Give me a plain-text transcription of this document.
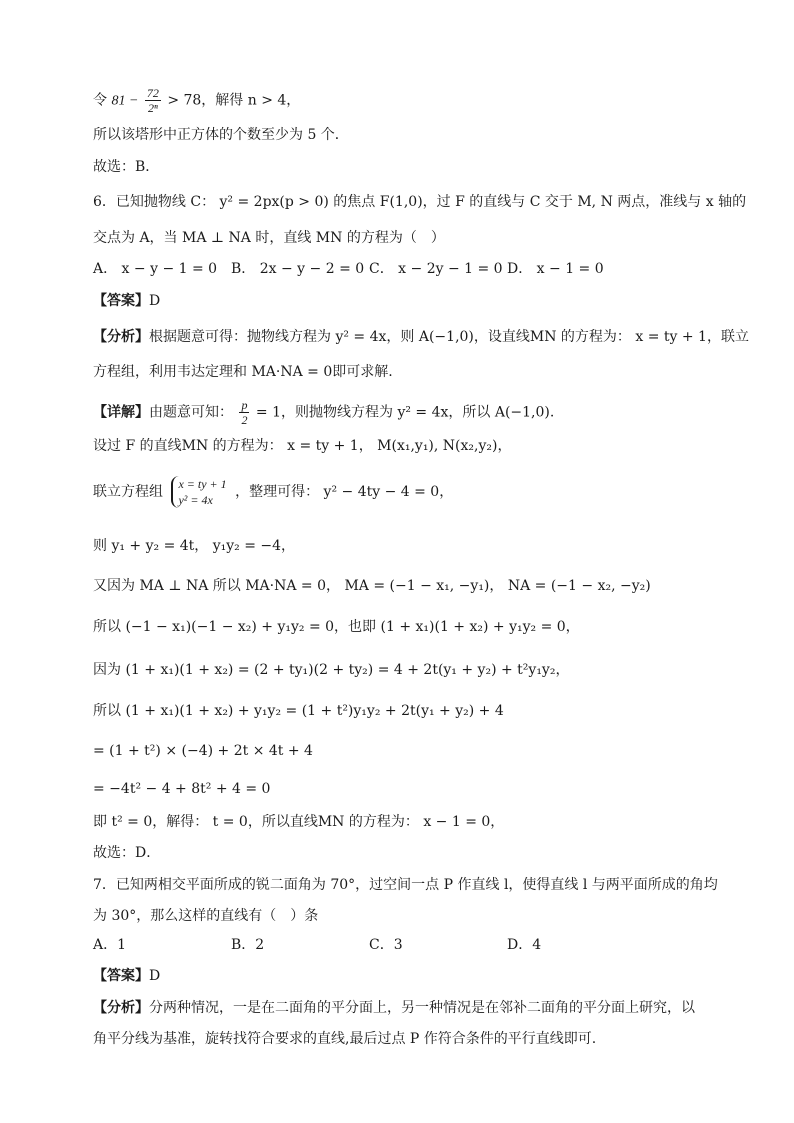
令 $81 - \frac{72}{\text{2ⁿ}} > 78$，解得 n > 4，
所以该塔形中正方体的个数至少为 5 个．
故选：B．
6．已知抛物线 C： y² = 2px(p > 0) 的焦点 F(1,0)，过 F 的直线与 C 交于 M, N 两点，准线与 x 轴的
交点为 A，当 MA ⊥ NA 时，直线 MN 的方程为（　）
A． x − y − 1 = 0 B． 2x − y − 2 = 0 C． x − 2y − 1 = 0 D． x − 1 = 0
【答案】D
【分析】根据题意可得：抛物线方程为 y² = 4x，则 A(−1,0)，设直线MN 的方程为： x = ty + 1，联立
方程组，利用韦达定理和 MA·NA = 0即可求解.
【详解】由题意可知： $\frac{p}{2} = 1$，则抛物线方程为 y² = 4x，所以 A(−1,0).
设过 F 的直线MN 的方程为： x = ty + 1， M(x₁,y₁), N(x₂,y₂)，
联立方程组 x = ty + 1
y² = 4x	，整理可得： y² − 4ty − 4 = 0，
则 y₁ + y₂ = 4t， y₁y₂ = −4，
又因为 MA ⊥ NA 所以 MA·NA = 0， MA = (−1 − x₁, −y₁)， NA = (−1 − x₂, −y₂)
所以 (−1 − x₁)(−1 − x₂) + y₁y₂ = 0，也即 (1 + x₁)(1 + x₂) + y₁y₂ = 0，
因为 (1 + x₁)(1 + x₂) = (2 + ty₁)(2 + ty₂) = 4 + 2t(y₁ + y₂) + t²y₁y₂，
所以 (1 + x₁)(1 + x₂) + y₁y₂ = (1 + t²)y₁y₂ + 2t(y₁ + y₂) + 4
= (1 + t²) × (−4) + 2t × 4t + 4
= −4t² − 4 + 8t² + 4 = 0
即 t² = 0，解得： t = 0，所以直线MN 的方程为： x − 1 = 0，
故选：D．
7．已知两相交平面所成的锐二面角为 70°，过空间一点 P 作直线 l，使得直线 l 与两平面所成的角均
为 30°，那么这样的直线有（　）条
A．1	B．2	C．3	D．4
【答案】D
【分析】分两种情况，一是在二面角的平分面上，另一种情况是在邻补二面角的平分面上研究，以
角平分线为基准，旋转找符合要求的直线,最后过点 P 作符合条件的平行直线即可.
